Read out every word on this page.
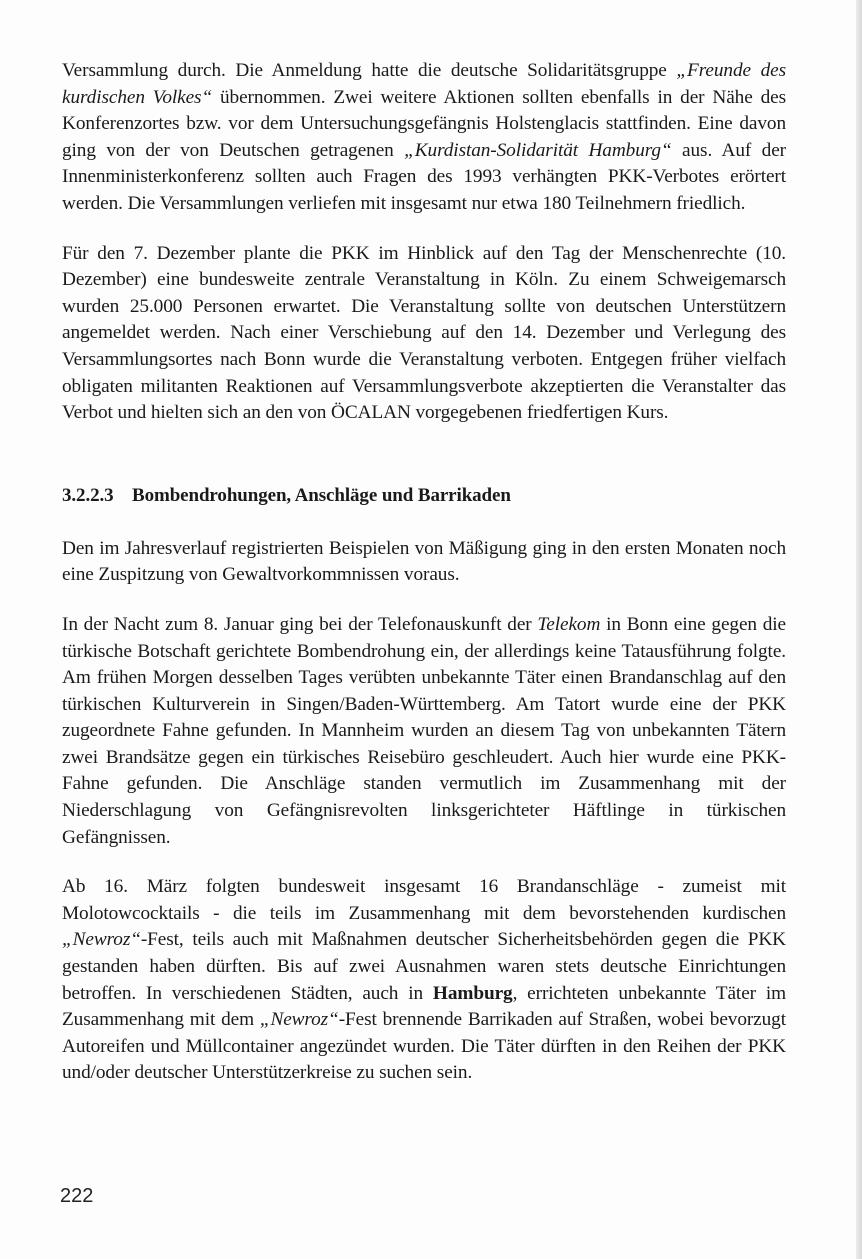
Versammlung durch. Die Anmeldung hatte die deutsche Solidaritätsgruppe „Freunde des kurdischen Volkes“ übernommen. Zwei weitere Aktionen sollten ebenfalls in der Nähe des Konferenzortes bzw. vor dem Untersuchungsgefängnis Holstenglacis stattfinden. Eine davon ging von der von Deutschen getragenen „Kurdistan-Solidarität Hamburg“ aus. Auf der Innenministerkonferenz sollten auch Fragen des 1993 verhängten PKK-Verbotes erörtert werden. Die Versammlungen verliefen mit insgesamt nur etwa 180 Teilnehmern friedlich.

Für den 7. Dezember plante die PKK im Hinblick auf den Tag der Menschenrechte (10. Dezember) eine bundesweite zentrale Veranstaltung in Köln. Zu einem Schweigemarsch wurden 25.000 Personen erwartet. Die Veranstaltung sollte von deutschen Unterstützern angemeldet werden. Nach einer Verschiebung auf den 14. Dezember und Verlegung des Versammlungsortes nach Bonn wurde die Veranstaltung verboten. Entgegen früher vielfach obligaten militanten Reaktionen auf Versammlungsverbote akzeptierten die Veranstalter das Verbot und hielten sich an den von ÖCALAN vorgegebenen friedfertigen Kurs.

3.2.2.3 Bombendrohungen, Anschläge und Barrikaden

Den im Jahresverlauf registrierten Beispielen von Mäßigung ging in den ersten Monaten noch eine Zuspitzung von Gewaltvorkommnissen voraus.

In der Nacht zum 8. Januar ging bei der Telefonauskunft der Telekom in Bonn eine gegen die türkische Botschaft gerichtete Bombendrohung ein, der allerdings keine Tatausführung folgte. Am frühen Morgen desselben Tages verübten unbekannte Täter einen Brandanschlag auf den türkischen Kulturverein in Singen/Baden-Württemberg. Am Tatort wurde eine der PKK zugeordnete Fahne gefunden. In Mannheim wurden an diesem Tag von unbekannten Tätern zwei Brandsätze gegen ein türkisches Reisebüro geschleudert. Auch hier wurde eine PKK-Fahne gefunden. Die Anschläge standen vermutlich im Zusammenhang mit der Niederschlagung von Gefängnisrevolten linksgerichteter Häftlinge in türkischen Gefängnissen.

Ab 16. März folgten bundesweit insgesamt 16 Brandanschläge - zumeist mit Molotowcocktails - die teils im Zusammenhang mit dem bevorstehenden kurdischen „Newroz“-Fest, teils auch mit Maßnahmen deutscher Sicherheitsbehörden gegen die PKK gestanden haben dürften. Bis auf zwei Ausnahmen waren stets deutsche Einrichtungen betroffen. In verschiedenen Städten, auch in Hamburg, errichteten unbekannte Täter im Zusammenhang mit dem „Newroz“-Fest brennende Barrikaden auf Straßen, wobei bevorzugt Autoreifen und Müllcontainer angezündet wurden. Die Täter dürften in den Reihen der PKK und/oder deutscher Unterstützerkreise zu suchen sein.

222
